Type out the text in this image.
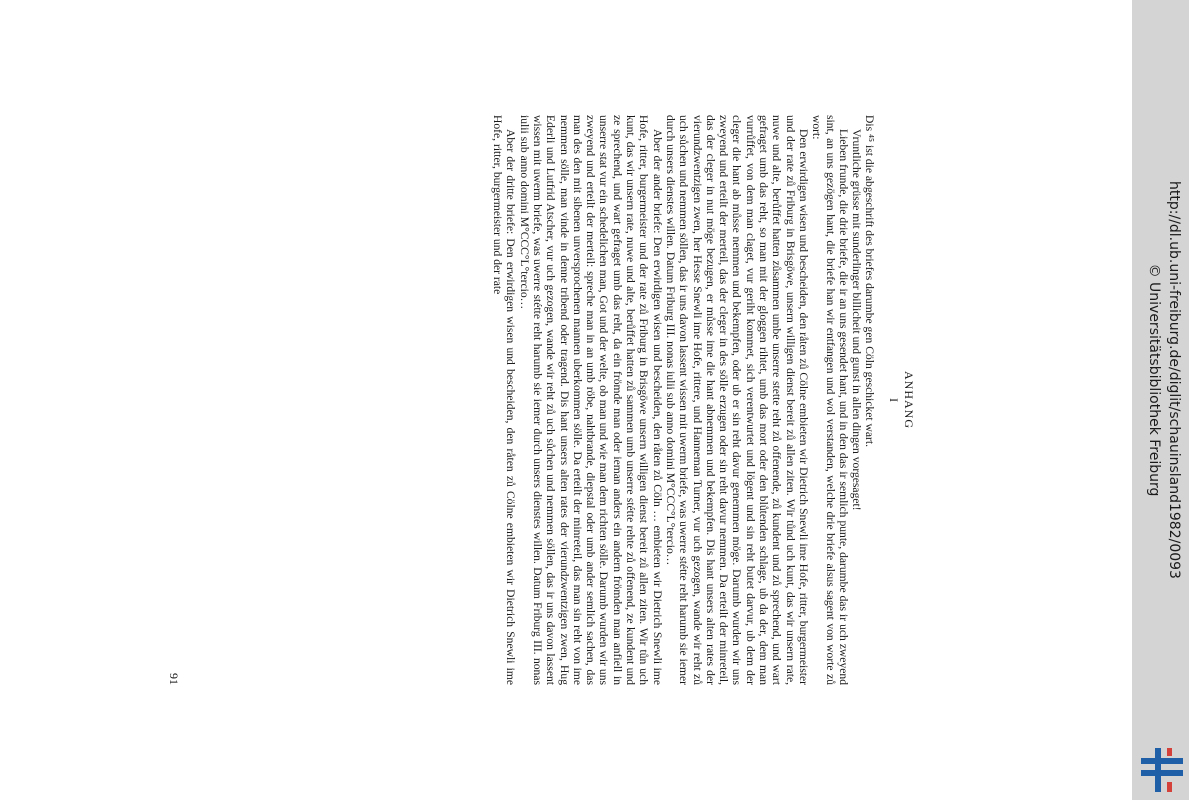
ANHANG
I

Dis ⁴⁵ ist die abgeschrift des briefes darumbe gen Cöln geschicket wart.

Vruntliche grüsse mit sunderlinger billicheit und gunst in allen dingen vorgesaget!

Lieben frunde, die drie briefe, die ir an uns gesendet hant, und in den das ir semlich punte, darumbe das ir uch zweyend sint, an uns gezögen hant, die briefe han wir entfangen und wol verstanden, welche drie briefe alsus sagent von worte zů wort:

Den erwirdigen wisen und bescheiden, den råten zů Cölne embieten wir Dietrich Snewli ime Hofe, ritter, burgermeister und der rate zů Friburg in Brisgöwe, unsern willigen dienst bereit zů allen ziten. Wir tůnd uch kunt, das wir unsern rate, nuwe und alte, berůffet hatten zůsammen umbe unserre stette reht zů offenende, zů kundent und zů sprechend, und wart gefraget umb das reht, so man mit der gloggen rihtet, umb das mort oder den blůtenden schlage, ub da der, dem man vurrůffet, von dem man claget, vur geriht kommet, sich verentwurtet und lögent und sin reht butet darvur, ub dem der cleger die hant ab můsse nemmen und bekempfen, oder ub er sin reht davur genemmen möge. Darumb wurden wir uns zweyend und erteilt der merteil, das der cleger in des sölle erzugen oder sin reht davur nemmen. Da erteilt der minreteil, das der cleger in nut möge bezugen, er můsse ime die hant abnemmen und bekempfen. Dis hant unsers alten rates der vierundzwentzigen zwen, her Hesse Snewli ime Hofe, rittere, und Hanneman Turner, vur uch gezogen, wande wir reht zů uch sůchen und nemmen söllen, das ir uns davon lassent wissen mit uwerm briefe, was uwerre stétte reht harumb sie iemer durch unsers dienstes willen. Datum Friburg III. nonas iulii sub anno domini M°CCC°L°tercio…

Aber der ander briefe: Den erwirdigen wisen und bescheiden, den råten zů Cöln … embieten wir Dietrich Snewli ime Hofe, ritter, burgermeister und der rate zů Friburg in Brisgöwe unsern willigen dienst bereit zů allen ziten. Wir tůn uch kunt, das wir unsern rate, nuwe und alte, berůffet hatten zů sammen umb unserre stétte rehte zů offenend, ze kundent und ze sprechend, und wart gefraget umb das reht, da ein frömde man oder ieman anders ein andern frömden man anfiell in unserre stat vur ein schedelichen man, Got und der welte, ob man und wie man dem richten sölle. Darumb wurden wir uns zweyend und erteilt der merteil: spreche man in an umb röbe, nahtbrande, diepstal oder umb ander semlich sachen, das man des den mit sibenen unversprochenen mannen uberkommen sölle. Da erteilt der minreteil, das man sin reht von ime nemmen sölle, man vinde in denne tribend oder tragend. Dis hant unsers alten rates der vierundzwentzigen zwen, Hug Ederli und Lutfrid Atscher, vur uch gezogen, wande wir reht zů uch sůchen und nemmen söllen, das ir uns davon lassent wissen mit uwerm briefe, was uwerre stétte reht harumb sie iemer durch unsers dienstes willen. Datum Friburg III. nonas iulii sub anno domini M°CCC°L°tercio…

Aber der dritte briefe: Den erwirdigen wisen und bescheiden, den råten zů Cölne embieten wir Dietrich Snewli ime Hofe, ritter, burgermeister und der rate

91
http://dl.ub.uni-freiburg.de/diglit/schauinsland1982/0093
© Universitätsbibliothek Freiburg
